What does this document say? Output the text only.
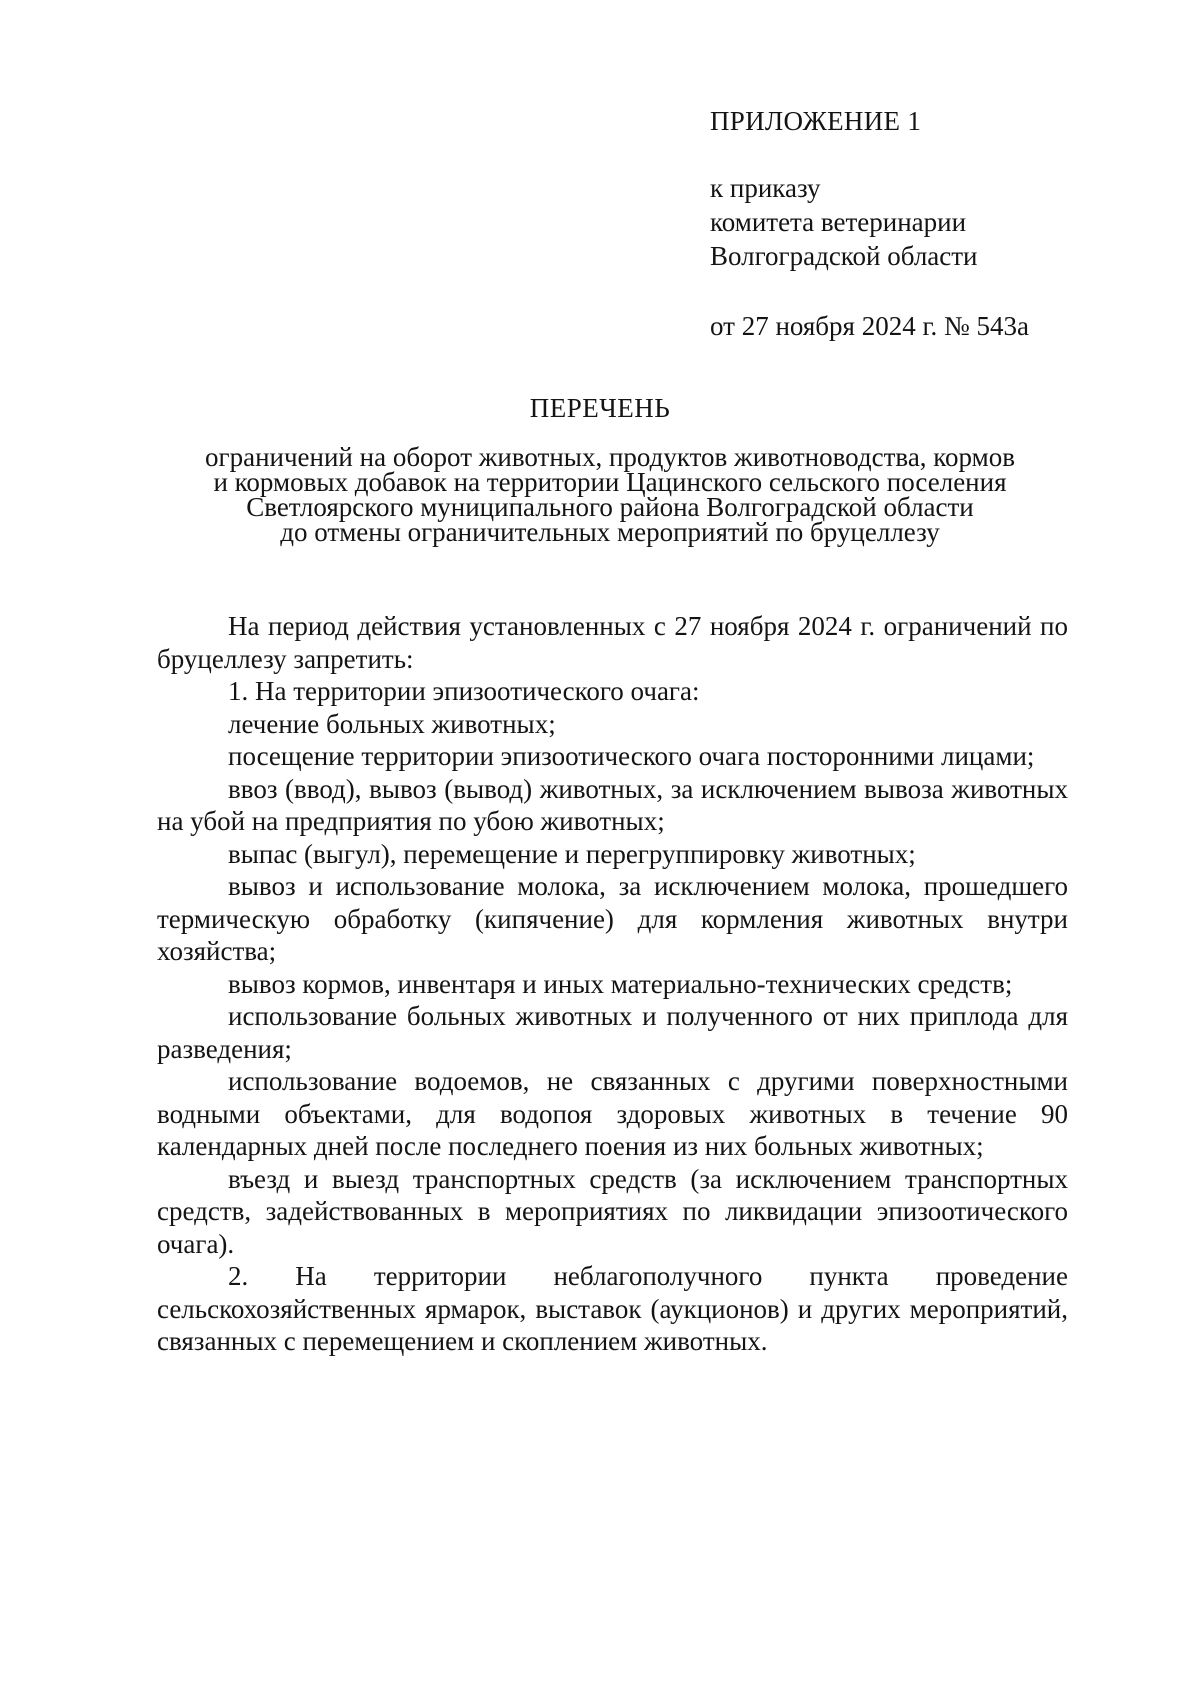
ПРИЛОЖЕНИЕ 1

к приказу

комитета ветеринарии

Волгоградской области

от 27 ноября 2024 г. № 543а

ПЕРЕЧЕНЬ
ограничений на оборот животных, продуктов животноводства, кормов
и кормовых добавок на территории Цацинского сельского поселения
Светлоярского муниципального района Волгоградской области
до отмены ограничительных мероприятий по бруцеллезу

На период действия установленных с 27 ноября 2024 г. ограничений по бруцеллезу запретить:

1. На территории эпизоотического очага:

лечение больных животных;

посещение территории эпизоотического очага посторонними лицами;

ввоз (ввод), вывоз (вывод) животных, за исключением вывоза животных на убой на предприятия по убою животных;

выпас (выгул), перемещение и перегруппировку животных;

вывоз и использование молока, за исключением молока, прошедшего термическую обработку (кипячение) для кормления животных внутри хозяйства;

вывоз кормов, инвентаря и иных материально-технических средств;

использование больных животных и полученного от них приплода для разведения;

использование водоемов, не связанных с другими поверхностными водными объектами, для водопоя здоровых животных в течение 90 календарных дней после последнего поения из них больных животных;

въезд и выезд транспортных средств (за исключением транспортных средств, задействованных в мероприятиях по ликвидации эпизоотического очага).

2. На территории неблагополучного пункта проведение сельскохозяйственных ярмарок, выставок (аукционов) и других мероприятий, связанных с перемещением и скоплением животных.
